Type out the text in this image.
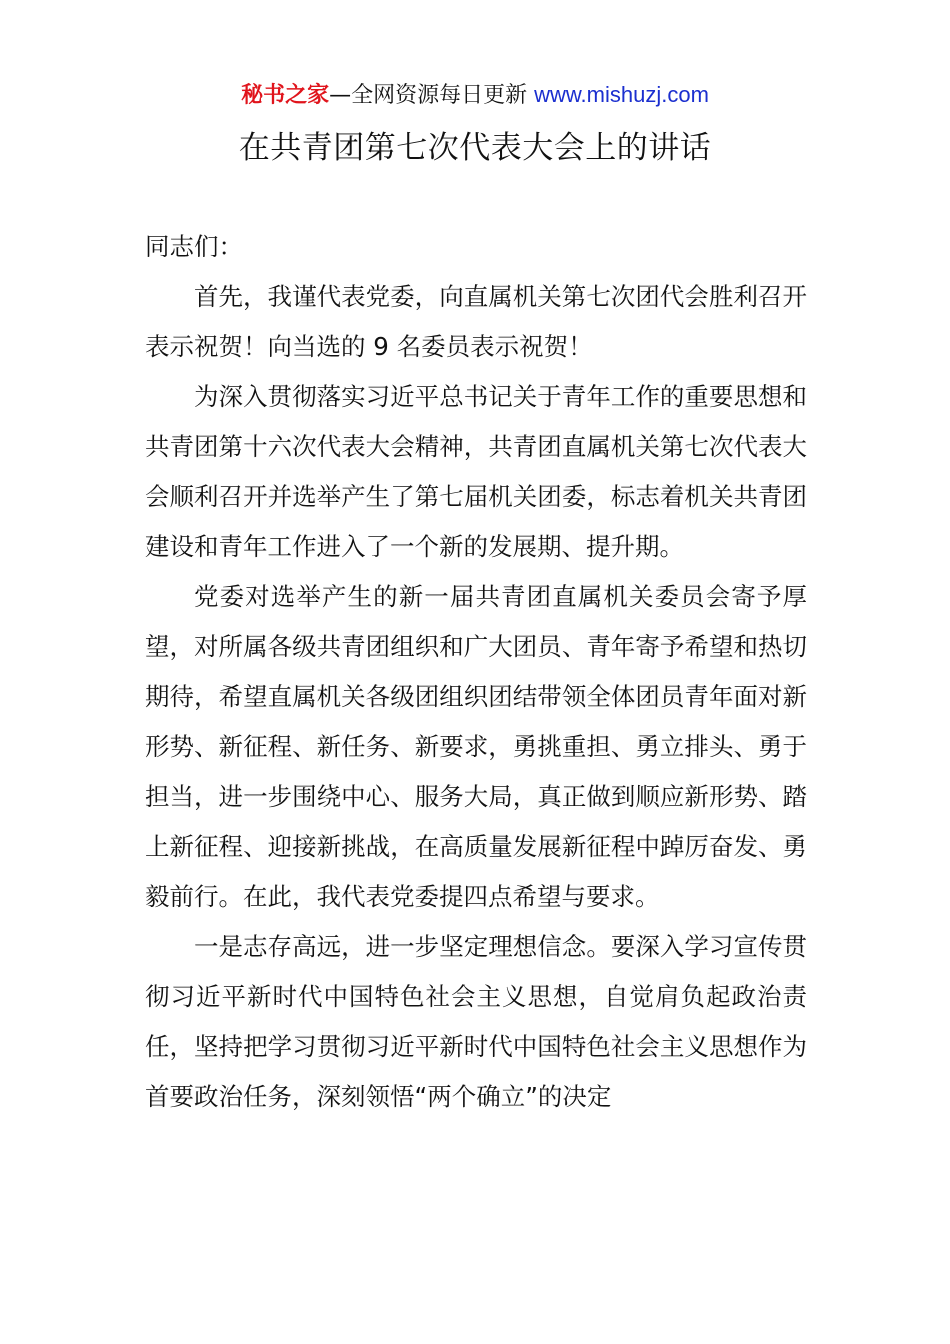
秘书之家—全网资源每日更新 www.mishuzj.com
在共青团第七次代表大会上的讲话

同志们：

首先，我谨代表党委，向直属机关第七次团代会胜利召开表示祝贺！向当选的 9 名委员表示祝贺！

为深入贯彻落实习近平总书记关于青年工作的重要思想和共青团第十六次代表大会精神，共青团直属机关第七次代表大会顺利召开并选举产生了第七届机关团委，标志着机关共青团建设和青年工作进入了一个新的发展期、提升期。

党委对选举产生的新一届共青团直属机关委员会寄予厚望，对所属各级共青团组织和广大团员、青年寄予希望和热切期待，希望直属机关各级团组织团结带领全体团员青年面对新形势、新征程、新任务、新要求，勇挑重担、勇立排头、勇于担当，进一步围绕中心、服务大局，真正做到顺应新形势、踏上新征程、迎接新挑战，在高质量发展新征程中踔厉奋发、勇毅前行。在此，我代表党委提四点希望与要求。

一是志存高远，进一步坚定理想信念。要深入学习宣传贯彻习近平新时代中国特色社会主义思想，自觉肩负起政治责任，坚持把学习贯彻习近平新时代中国特色社会主义思想作为首要政治任务，深刻领悟“两个确立”的决定
